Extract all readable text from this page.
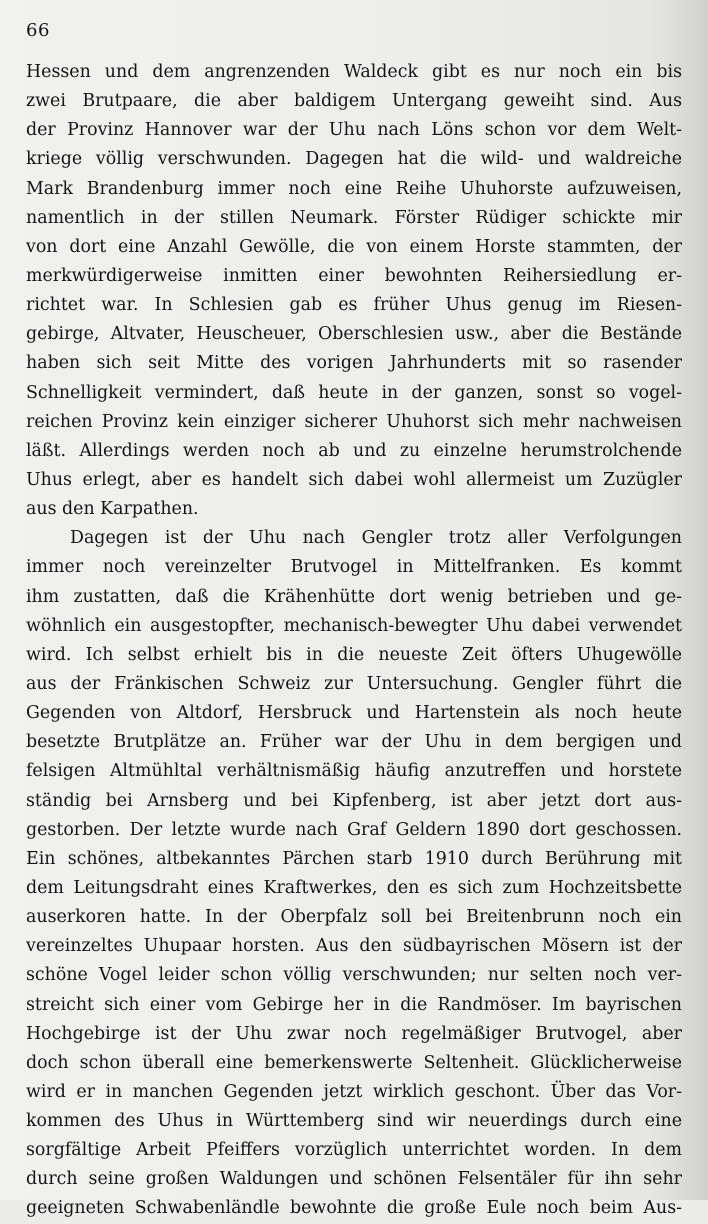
66
Hessen und dem angrenzenden Waldeck gibt es nur noch ein bis
zwei Brutpaare, die aber baldigem Untergang geweiht sind. Aus
der Provinz Hannover war der Uhu nach Löns schon vor dem Welt-
kriege völlig verschwunden. Dagegen hat die wild- und waldreiche
Mark Brandenburg immer noch eine Reihe Uhuhorste aufzuweisen,
namentlich in der stillen Neumark. Förster Rüdiger schickte mir
von dort eine Anzahl Gewölle, die von einem Horste stammten, der
merkwürdigerweise inmitten einer bewohnten Reihersiedlung er-
richtet war. In Schlesien gab es früher Uhus genug im Riesen-
gebirge, Altvater, Heuscheuer, Oberschlesien usw., aber die Bestände
haben sich seit Mitte des vorigen Jahrhunderts mit so rasender
Schnelligkeit vermindert, daß heute in der ganzen, sonst so vogel-
reichen Provinz kein einziger sicherer Uhuhorst sich mehr nachweisen
läßt. Allerdings werden noch ab und zu einzelne herumstrolchende
Uhus erlegt, aber es handelt sich dabei wohl allermeist um Zuzügler
aus den Karpathen.
Dagegen ist der Uhu nach Gengler trotz aller Verfolgungen
immer noch vereinzelter Brutvogel in Mittelfranken. Es kommt
ihm zustatten, daß die Krähenhütte dort wenig betrieben und ge-
wöhnlich ein ausgestopfter, mechanisch-bewegter Uhu dabei verwendet
wird. Ich selbst erhielt bis in die neueste Zeit öfters Uhugewölle
aus der Fränkischen Schweiz zur Untersuchung. Gengler führt die
Gegenden von Altdorf, Hersbruck und Hartenstein als noch heute
besetzte Brutplätze an. Früher war der Uhu in dem bergigen und
felsigen Altmühltal verhältnismäßig häufig anzutreffen und horstete
ständig bei Arnsberg und bei Kipfenberg, ist aber jetzt dort aus-
gestorben. Der letzte wurde nach Graf Geldern 1890 dort geschossen.
Ein schönes, altbekanntes Pärchen starb 1910 durch Berührung mit
dem Leitungsdraht eines Kraftwerkes, den es sich zum Hochzeitsbette
auserkoren hatte. In der Oberpfalz soll bei Breitenbrunn noch ein
vereinzeltes Uhupaar horsten. Aus den südbayrischen Mösern ist der
schöne Vogel leider schon völlig verschwunden; nur selten noch ver-
streicht sich einer vom Gebirge her in die Randmöser. Im bayrischen
Hochgebirge ist der Uhu zwar noch regelmäßiger Brutvogel, aber
doch schon überall eine bemerkenswerte Seltenheit. Glücklicherweise
wird er in manchen Gegenden jetzt wirklich geschont. Über das Vor-
kommen des Uhus in Württemberg sind wir neuerdings durch eine
sorgfältige Arbeit Pfeiffers vorzüglich unterrichtet worden. In dem
durch seine großen Waldungen und schönen Felsentäler für ihn sehr
geeigneten Schwabenländle bewohnte die große Eule noch beim Aus-
